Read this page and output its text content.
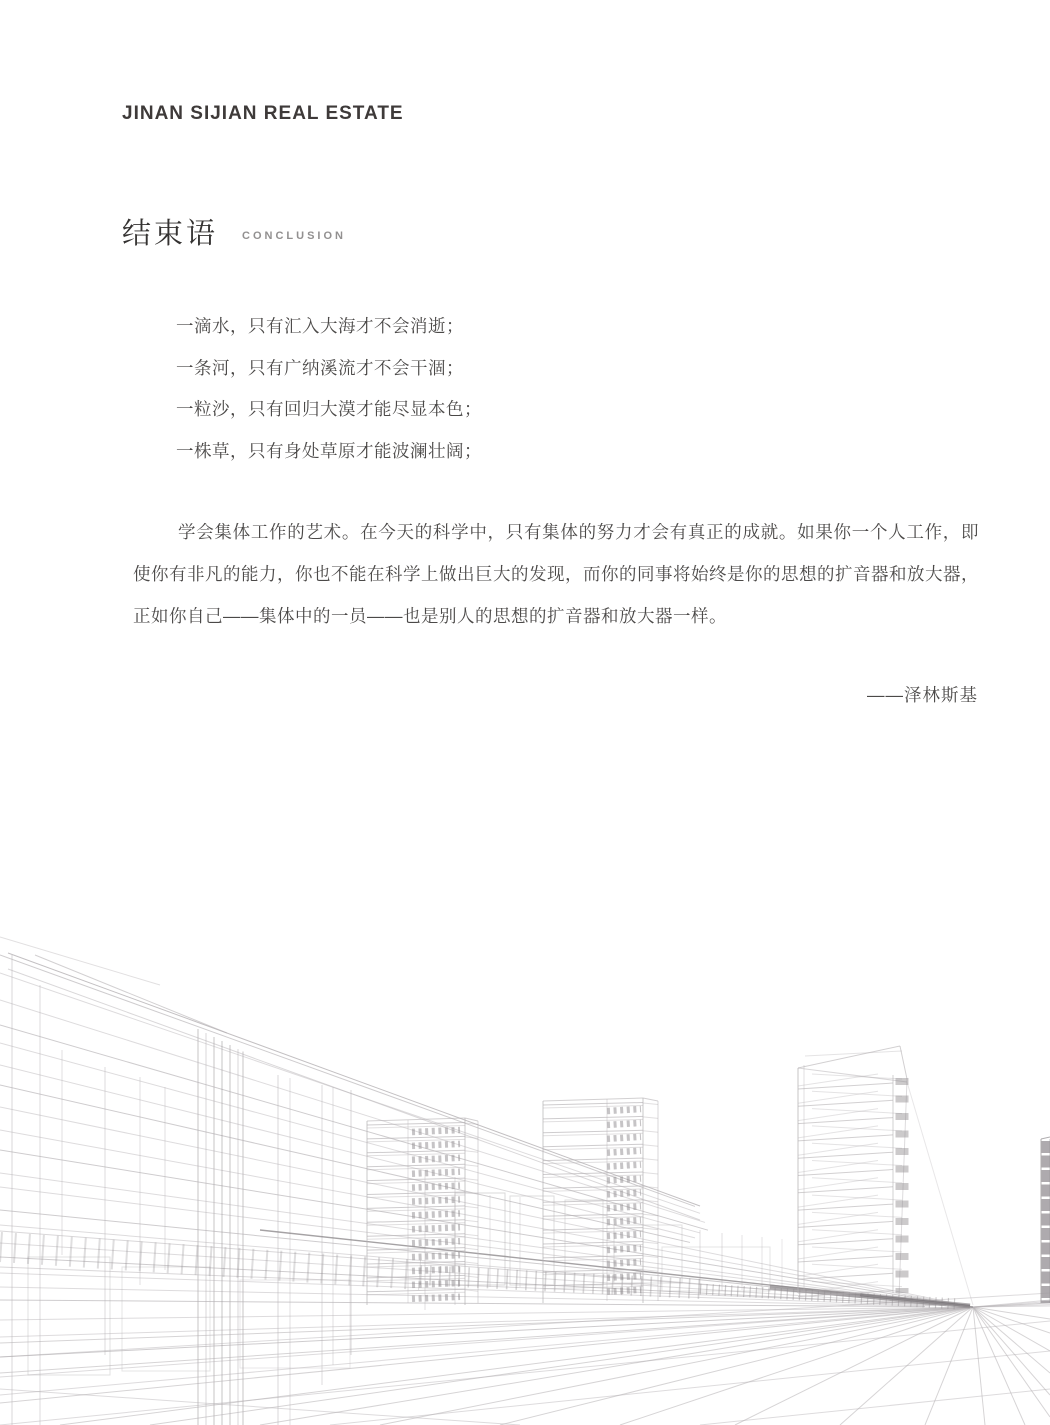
JINAN SIJIAN REAL ESTATE
结束语 $^{CONCLUSION}$
一滴水，只有汇入大海才不会消逝；
一条河，只有广纳溪流才不会干涸；
一粒沙，只有回归大漠才能尽显本色；
一株草，只有身处草原才能波澜壮阔；

学会集体工作的艺术。在今天的科学中，只有集体的努力才会有真正的成就。如果你一个人工作，即使你有非凡的能力，你也不能在科学上做出巨大的发现，而你的同事将始终是你的思想的扩音器和放大器，正如你自己——集体中的一员——也是别人的思想的扩音器和放大器一样。

——泽林斯基
